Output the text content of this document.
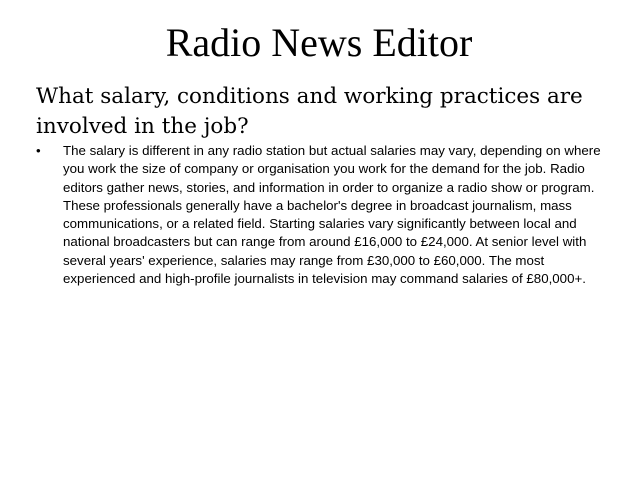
Radio News Editor
What salary, conditions and working practices are involved in the job?
•	The salary is different in any radio station but actual salaries may vary, depending on where you work the size of company or organisation you work for the demand for the job. Radio editors gather news, stories, and information in order to organize a radio show or program. These professionals generally have a bachelor's degree in broadcast journalism, mass communications, or a related field. Starting salaries vary significantly between local and national broadcasters but can range from around £16,000 to £24,000. At senior level with several years' experience, salaries may range from £30,000 to £60,000. The most experienced and high-profile journalists in television may command salaries of £80,000+.
